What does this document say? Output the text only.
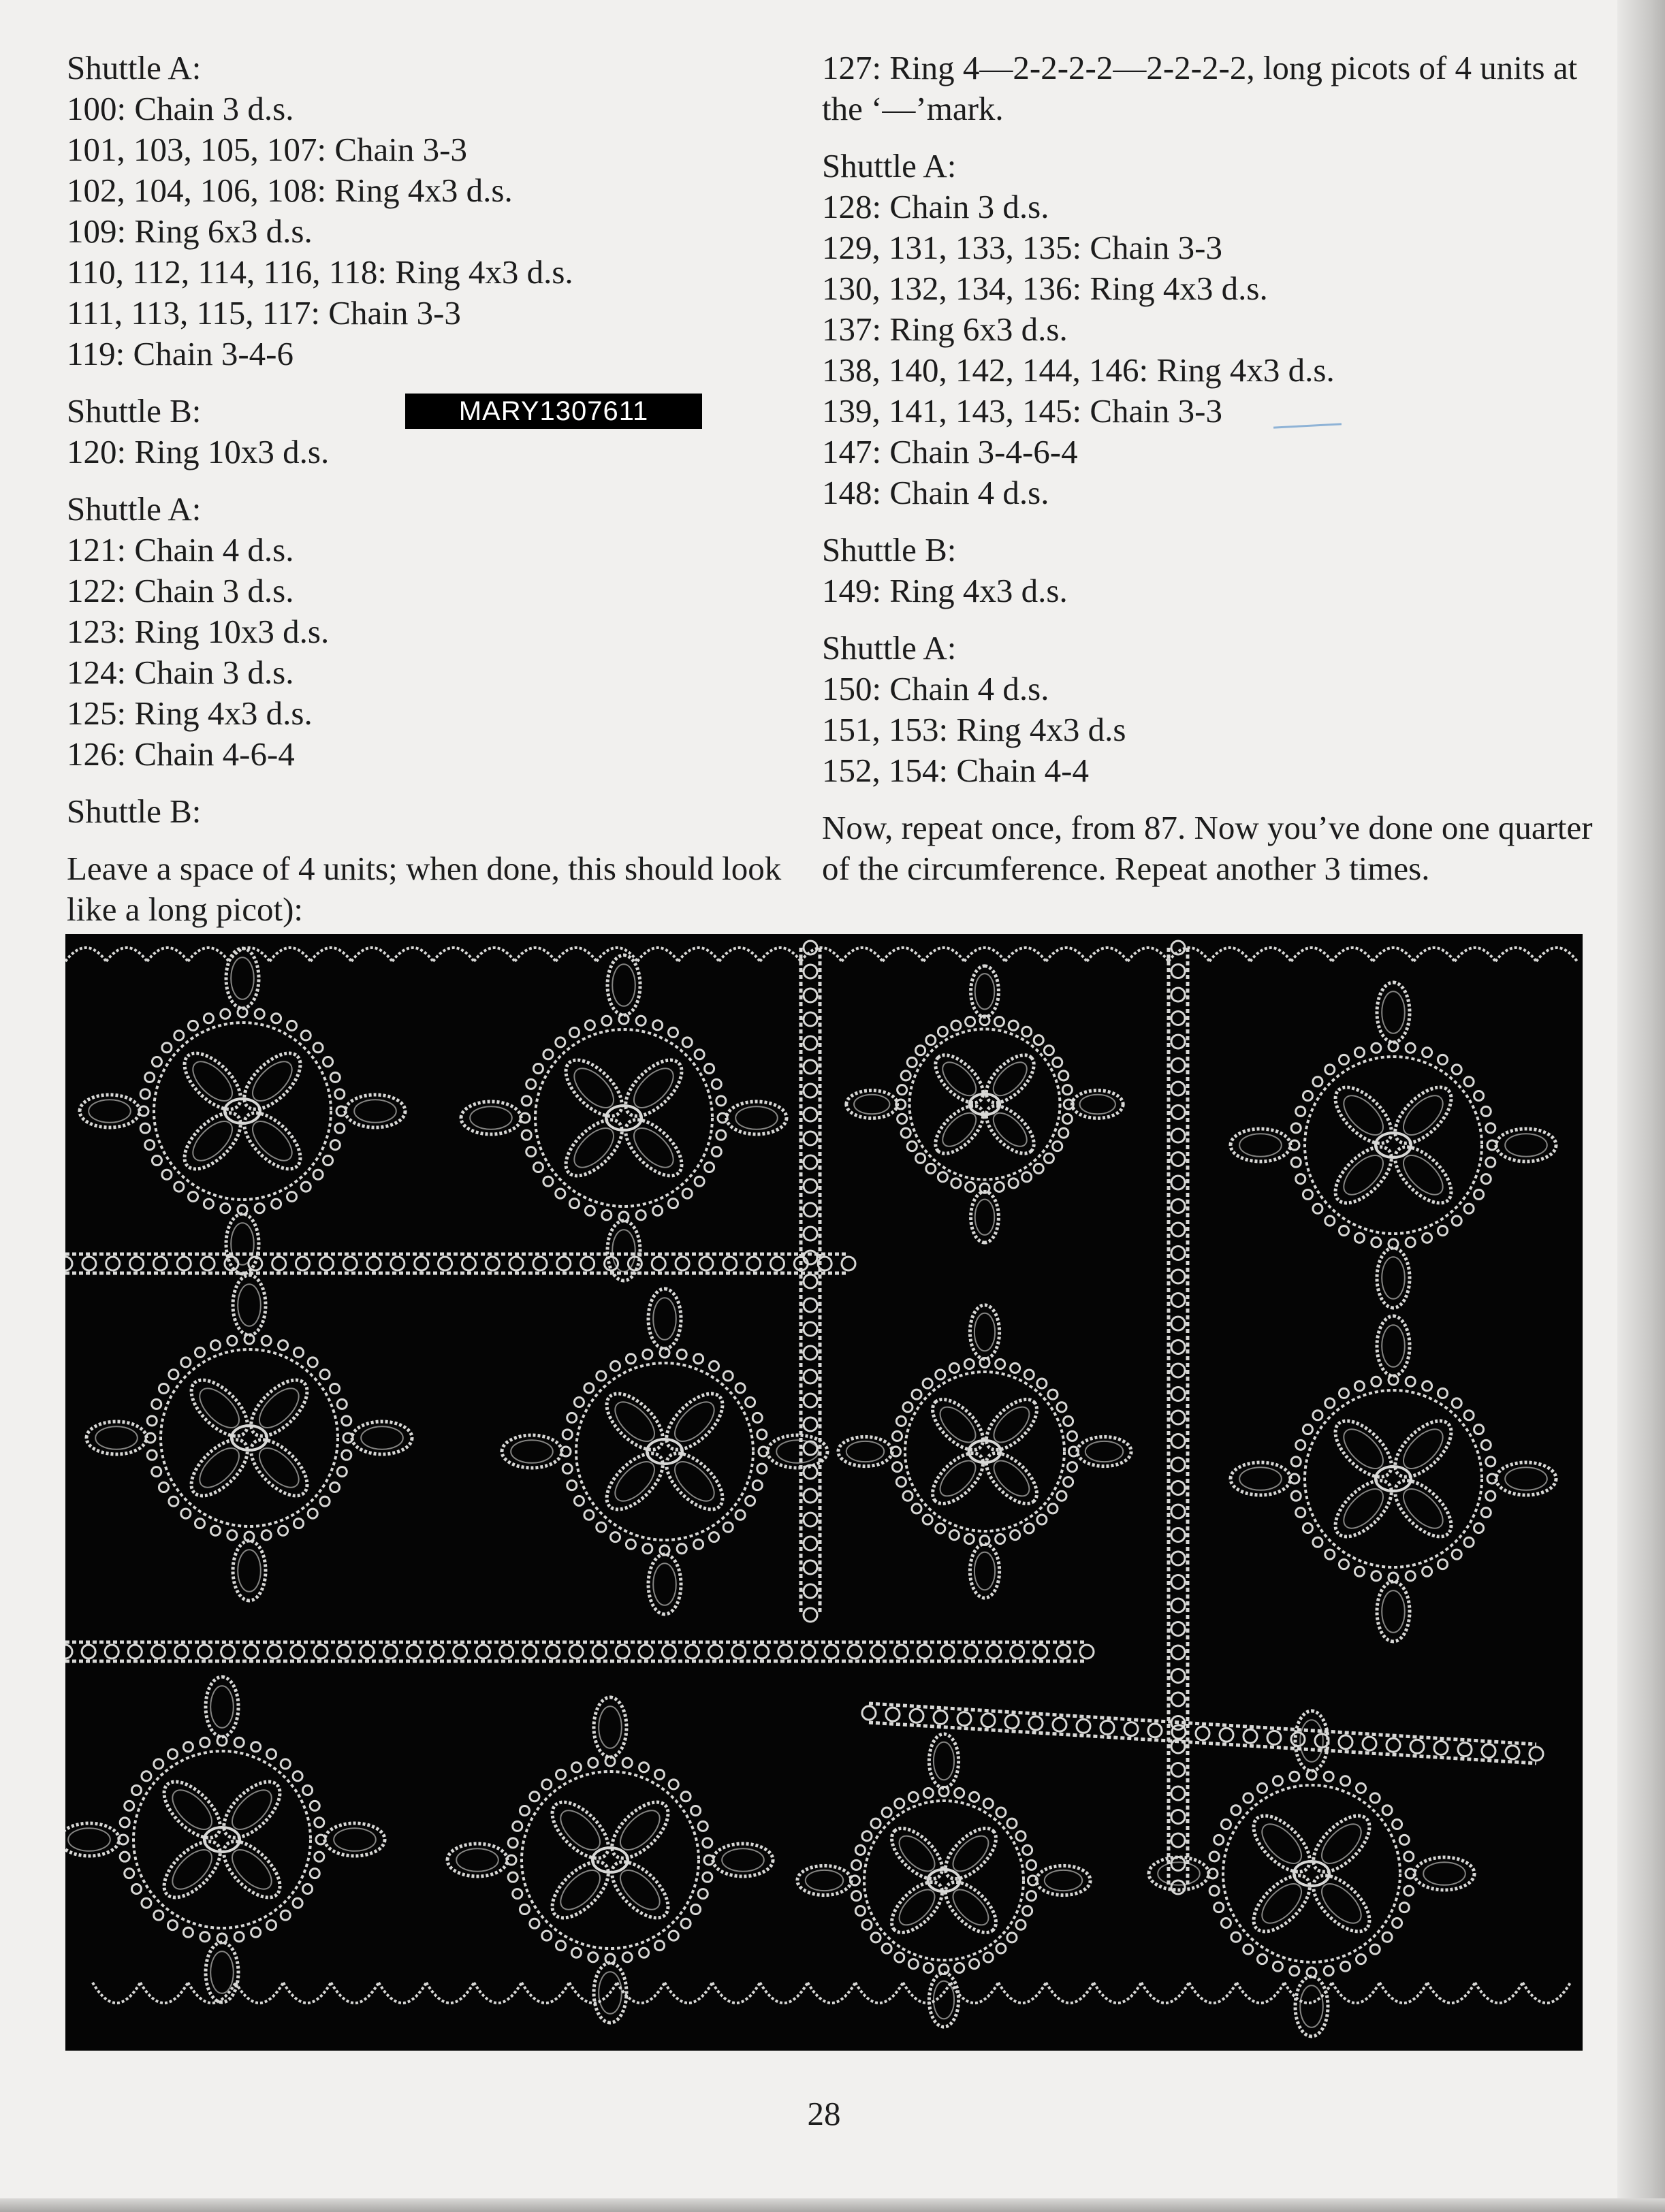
Shuttle A:
100: Chain 3 d.s.
101, 103, 105, 107: Chain 3-3
102, 104, 106, 108: Ring 4x3 d.s.
109: Ring 6x3 d.s.
110, 112, 114, 116, 118: Ring 4x3 d.s.
111, 113, 115, 117: Chain 3-3
119: Chain 3-4-6
Shuttle B:
120: Ring 10x3 d.s.
Shuttle A:
121: Chain 4 d.s.
122: Chain 3 d.s.
123: Ring 10x3 d.s.
124: Chain 3 d.s.
125: Ring 4x3 d.s.
126: Chain 4-6-4
Shuttle B:
Leave a space of 4 units; when done, this should look like a long picot):
127: Ring 4—2-2-2-2—2-2-2-2, long picots of 4 units at the ‘—’mark.
Shuttle A:
128: Chain 3 d.s.
129, 131, 133, 135: Chain 3-3
130, 132, 134, 136: Ring 4x3 d.s.
137: Ring 6x3 d.s.
138, 140, 142, 144, 146: Ring 4x3 d.s.
139, 141, 143, 145: Chain 3-3
147: Chain 3-4-6-4
148: Chain 4 d.s.
Shuttle B:
149: Ring 4x3 d.s.
Shuttle A:
150: Chain 4 d.s.
151, 153: Ring 4x3 d.s
152, 154: Chain 4-4
Now, repeat once, from 87. Now you’ve done one quarter of the circumference. Repeat another 3 times.
MARY1307611
28
